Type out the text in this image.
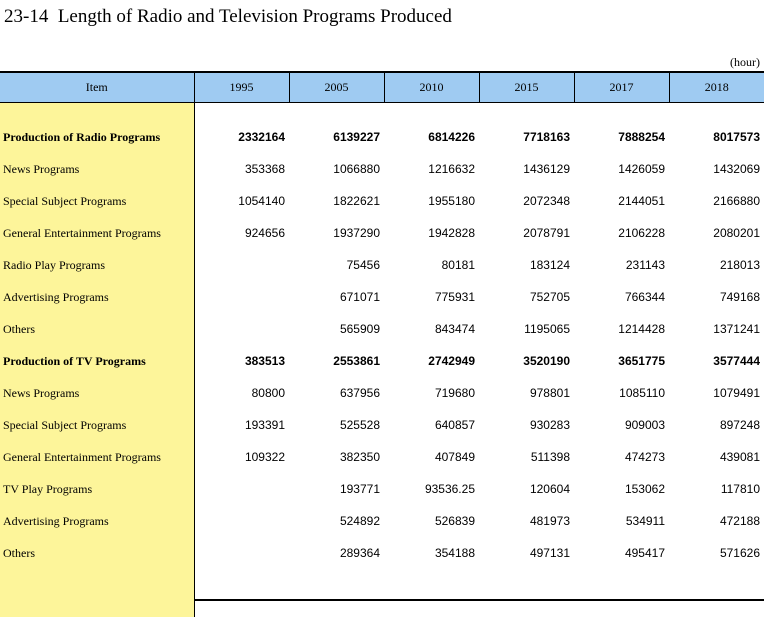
23-14  Length of Radio and Television Programs Produced
(hour)
Item	1995	2005	2010	2015	2017	2018

Production of Radio Programs	2332164	6139227	6814226	7718163	7888254	8017573
News Programs	353368	1066880	1216632	1436129	1426059	1432069
Special Subject Programs	1054140	1822621	1955180	2072348	2144051	2166880
General Entertainment Programs	924656	1937290	1942828	2078791	2106228	2080201
Radio Play Programs		75456	80181	183124	231143	218013
Advertising Programs		671071	775931	752705	766344	749168
Others		565909	843474	1195065	1214428	1371241
Production of TV Programs	383513	2553861	2742949	3520190	3651775	3577444
News Programs	80800	637956	719680	978801	1085110	1079491
Special Subject Programs	193391	525528	640857	930283	909003	897248
General Entertainment Programs	109322	382350	407849	511398	474273	439081
TV Play Programs		193771	93536.25	120604	153062	117810
Advertising Programs		524892	526839	481973	534911	472188
Others		289364	354188	497131	495417	571626
